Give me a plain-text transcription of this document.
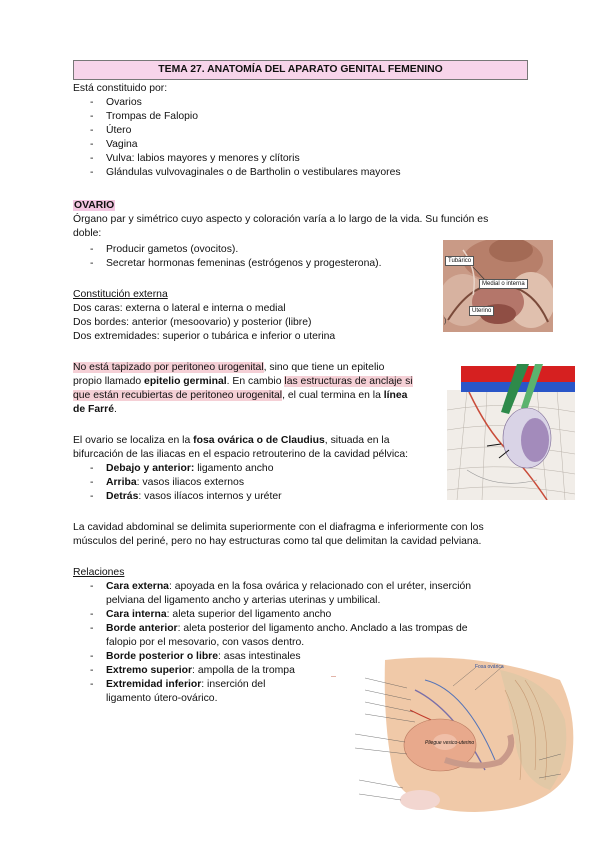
TEMA 27. ANATOMÍA DEL APARATO GENITAL FEMENINO
Está constituido por:
- Ovarios
- Trompas de Falopio
- Útero
- Vagina
- Vulva: labios mayores y menores y clítoris
- Glándulas vulvovaginales o de Bartholin o vestibulares mayores
OVARIO
Órgano par y simétrico cuyo aspecto y coloración varía a lo largo de la vida. Su función es
doble:
- Producir gametos (ovocitos).
- Secretar hormonas femeninas (estrógenos y progesterona).
Constitución externa
Dos caras: externa o lateral e interna o medial
Dos bordes: anterior (mesoovario) y posterior (libre)
Dos extremidades: superior o tubárica e inferior o uterina
No está tapizado por peritoneo urogenital, sino que tiene un epitelio
propio llamado epitelio germinal. En cambio las estructuras de anclaje si
que están recubiertas de peritoneo urogenital, el cual termina en la línea
de Farré.
El ovario se localiza en la fosa ovárica o de Claudius, situada en la
bifurcación de las iliacas en el espacio retrouterino de la cavidad pélvica:
- Debajo y anterior: ligamento ancho
- Arriba: vasos iliacos externos
- Detrás: vasos ilíacos internos y uréter
La cavidad abdominal se delimita superiormente con el diafragma e inferiormente con los
músculos del periné, pero no hay estructuras como tal que delimitan la cavidad pelviana.
Relaciones
- Cara externa: apoyada en la fosa ovárica y relacionado con el uréter, inserción
pelviana del ligamento ancho y arterias uterinas y umbilical.
- Cara interna: aleta superior del ligamento ancho
- Borde anterior: aleta posterior del ligamento ancho. Anclado a las trompas de
falopio por el mesovario, con vasos dentro.
- Borde posterior o libre: asas intestinales
- Extremo superior: ampolla de la trompa
- Extremidad inferior: inserción del
ligamento útero-ovárico.
Tubárico
Medial o interna
Uterino
)
—
Pliegue vesico-uterino
Fosa ovárica
